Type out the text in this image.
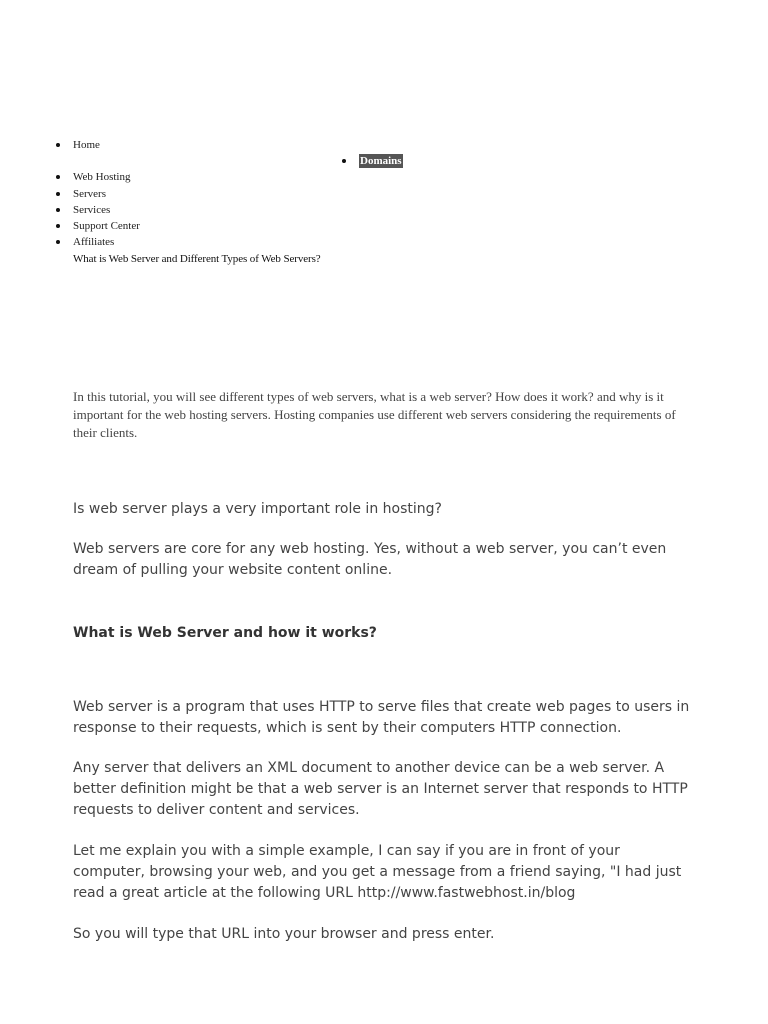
Home
Domains
Web Hosting
Servers
Services
Support Center
Affiliates
What is Web Server and Different Types of Web Servers?

In this tutorial, you will see different types of web servers, what is a web server? How does it work? and why is it important for the web hosting servers. Hosting companies use different web servers considering the requirements of their clients.

Is web server plays a very important role in hosting?

Web servers are core for any web hosting. Yes, without a web server, you can’t even dream of pulling your website content online.

What is Web Server and how it works?

Web server is a program that uses HTTP to serve files that create web pages to users in response to their requests, which is sent by their computers HTTP connection.

Any server that delivers an XML document to another device can be a web server. A better definition might be that a web server is an Internet server that responds to HTTP requests to deliver content and services.

Let me explain you with a simple example, I can say if you are in front of your computer, browsing your web, and you get a message from a friend saying, "I had just read a great article at the following URL http://www.fastwebhost.in/blog

So you will type that URL into your browser and press enter.
